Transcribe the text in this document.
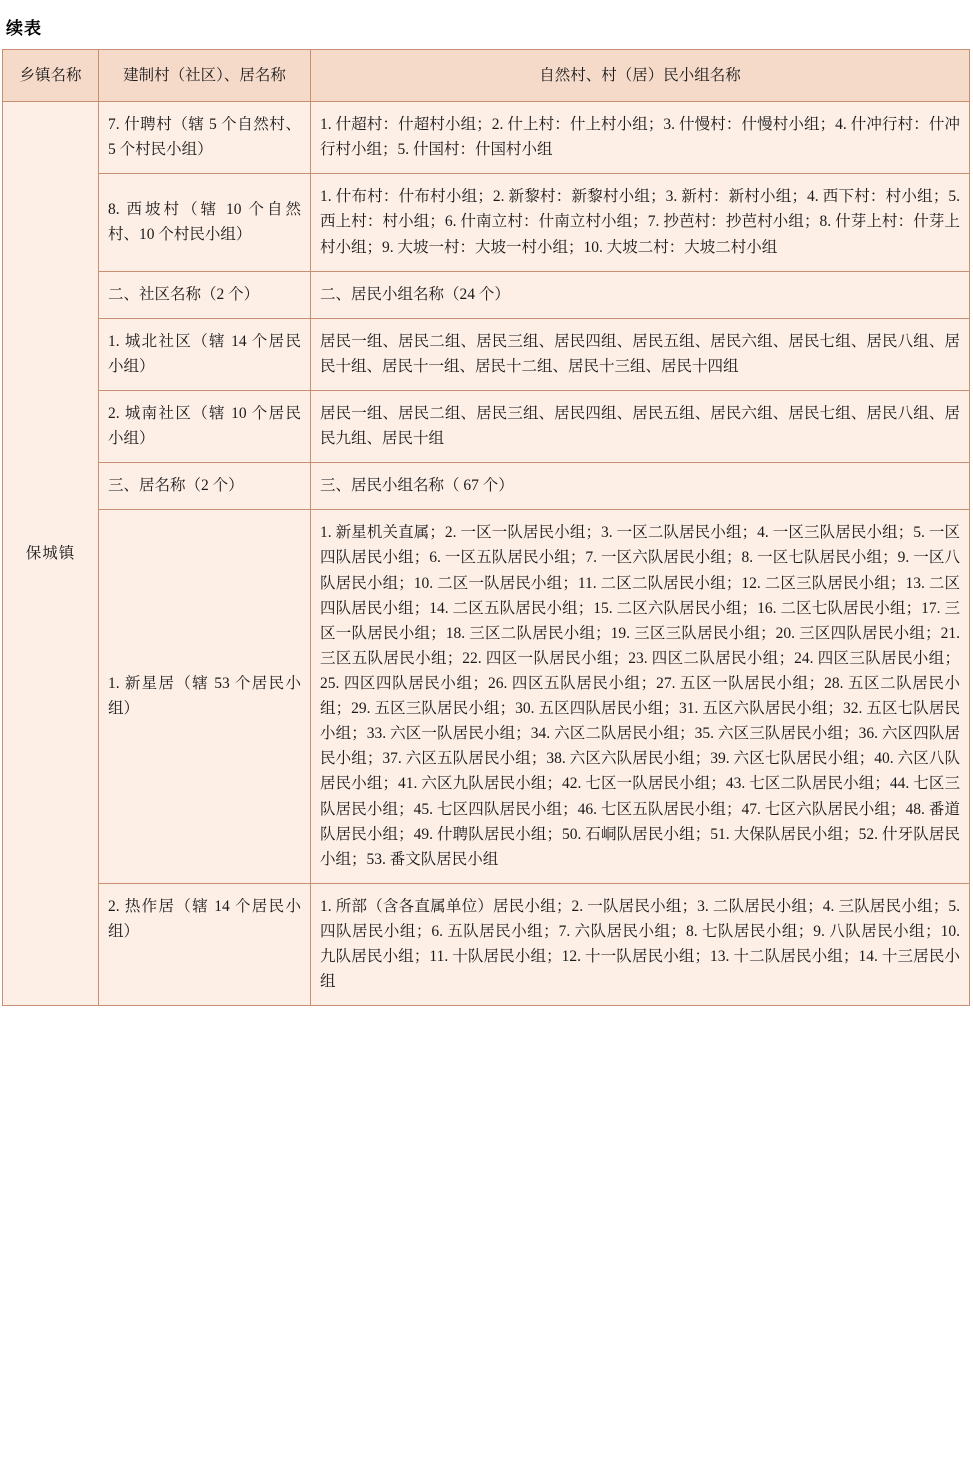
续表
乡镇名称	建制村（社区）、居名称	自然村、村（居）民小组名称
保城镇	7. 什聘村（辖 5 个自然村、5 个村民小组）	1. 什超村：什超村小组；2. 什上村：什上村小组；3. 什慢村：什慢村小组；4. 什冲行村：什冲行村小组；5. 什国村：什国村小组
	8. 西坡村（辖 10 个自然村、10 个村民小组）	1. 什布村：什布村小组；2. 新黎村：新黎村小组；3. 新村：新村小组；4. 西下村：村小组；5. 西上村：村小组；6. 什南立村：什南立村小组；7. 抄芭村：抄芭村小组；8. 什芽上村：什芽上村小组；9. 大坡一村：大坡一村小组；10. 大坡二村：大坡二村小组
	二、社区名称（2 个）	二、居民小组名称（24 个）
	1. 城北社区（辖 14 个居民小组）	居民一组、居民二组、居民三组、居民四组、居民五组、居民六组、居民七组、居民八组、居民十组、居民十一组、居民十二组、居民十三组、居民十四组
	2. 城南社区（辖 10 个居民小组）	居民一组、居民二组、居民三组、居民四组、居民五组、居民六组、居民七组、居民八组、居民九组、居民十组
	三、居名称（2 个）	三、居民小组名称（ 67 个）
	1. 新星居（辖 53 个居民小组）	1. 新星机关直属；2. 一区一队居民小组；3. 一区二队居民小组；4. 一区三队居民小组；5. 一区四队居民小组；6. 一区五队居民小组；7. 一区六队居民小组；8. 一区七队居民小组；9. 一区八队居民小组；10. 二区一队居民小组；11. 二区二队居民小组；12. 二区三队居民小组；13. 二区四队居民小组；14. 二区五队居民小组；15. 二区六队居民小组；16. 二区七队居民小组；17. 三区一队居民小组；18. 三区二队居民小组；19. 三区三队居民小组；20. 三区四队居民小组；21. 三区五队居民小组；22. 四区一队居民小组；23. 四区二队居民小组；24. 四区三队居民小组；25. 四区四队居民小组；26. 四区五队居民小组；27. 五区一队居民小组；28. 五区二队居民小组；29. 五区三队居民小组；30. 五区四队居民小组；31. 五区六队居民小组；32. 五区七队居民小组；33. 六区一队居民小组；34. 六区二队居民小组；35. 六区三队居民小组；36. 六区四队居民小组；37. 六区五队居民小组；38. 六区六队居民小组；39. 六区七队居民小组；40. 六区八队居民小组；41. 六区九队居民小组；42. 七区一队居民小组；43. 七区二队居民小组；44. 七区三队居民小组；45. 七区四队居民小组；46. 七区五队居民小组；47. 七区六队居民小组；48. 番道队居民小组；49. 什聘队居民小组；50. 石峒队居民小组；51. 大保队居民小组；52. 什牙队居民小组；53. 番文队居民小组
	2. 热作居（辖 14 个居民小组）	1. 所部（含各直属单位）居民小组；2. 一队居民小组；3. 二队居民小组；4. 三队居民小组；5. 四队居民小组；6. 五队居民小组；7. 六队居民小组；8. 七队居民小组；9. 八队居民小组；10. 九队居民小组；11. 十队居民小组；12. 十一队居民小组；13. 十二队居民小组；14. 十三居民小组
